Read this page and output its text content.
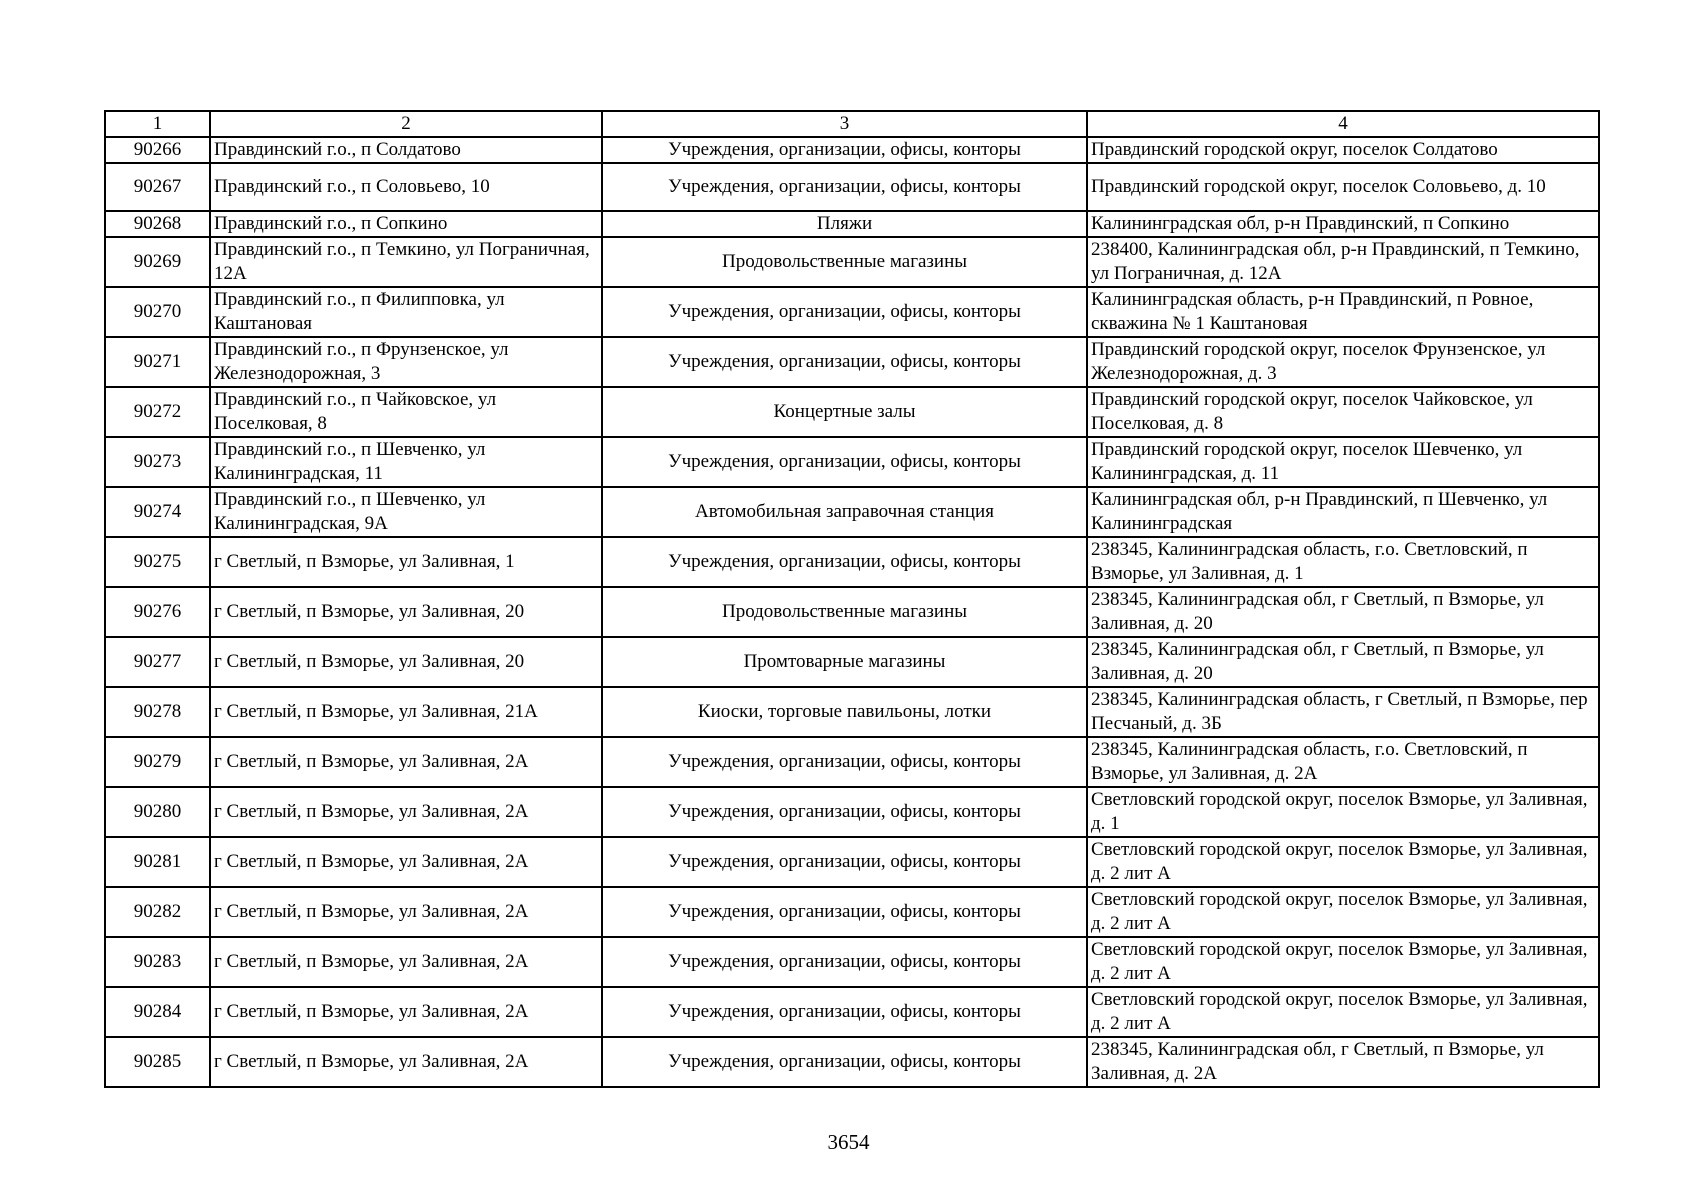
1	2	3	4
90266	Правдинский г.о., п Солдатово	Учреждения, организации, офисы, конторы	Правдинский городской округ, поселок Солдатово
90267	Правдинский г.о., п Соловьево, 10	Учреждения, организации, офисы, конторы	Правдинский городской округ, поселок Соловьево, д. 10
90268	Правдинский г.о., п Сопкино	Пляжи	Калининградская обл, р-н Правдинский, п Сопкино
90269	Правдинский г.о., п Темкино, ул Пограничная, 12А	Продовольственные магазины	238400, Калининградская обл, р-н Правдинский, п Темкино, ул Пограничная, д. 12А
90270	Правдинский г.о., п Филипповка, ул Каштановая	Учреждения, организации, офисы, конторы	Калининградская область, р-н Правдинский, п Ровное, скважина № 1 Каштановая
90271	Правдинский г.о., п Фрунзенское, ул Железнодорожная, 3	Учреждения, организации, офисы, конторы	Правдинский городской округ, поселок Фрунзенское, ул Железнодорожная, д. 3
90272	Правдинский г.о., п Чайковское, ул Поселковая, 8	Концертные залы	Правдинский городской округ, поселок Чайковское, ул Поселковая, д. 8
90273	Правдинский г.о., п Шевченко, ул Калининградская, 11	Учреждения, организации, офисы, конторы	Правдинский городской округ, поселок Шевченко, ул Калининградская, д. 11
90274	Правдинский г.о., п Шевченко, ул Калининградская, 9А	Автомобильная заправочная станция	Калининградская обл, р-н Правдинский, п Шевченко, ул Калининградская
90275	г Светлый, п Взморье, ул Заливная, 1	Учреждения, организации, офисы, конторы	238345, Калининградская область, г.о. Светловский, п Взморье, ул Заливная, д. 1
90276	г Светлый, п Взморье, ул Заливная, 20	Продовольственные магазины	238345, Калининградская обл, г Светлый, п Взморье, ул Заливная, д. 20
90277	г Светлый, п Взморье, ул Заливная, 20	Промтоварные магазины	238345, Калининградская обл, г Светлый, п Взморье, ул Заливная, д. 20
90278	г Светлый, п Взморье, ул Заливная, 21А	Киоски, торговые павильоны, лотки	238345, Калининградская область, г Светлый, п Взморье, пер Песчаный, д. 3Б
90279	г Светлый, п Взморье, ул Заливная, 2А	Учреждения, организации, офисы, конторы	238345, Калининградская область, г.о. Светловский, п Взморье, ул Заливная, д. 2А
90280	г Светлый, п Взморье, ул Заливная, 2А	Учреждения, организации, офисы, конторы	Светловский городской округ, поселок Взморье, ул Заливная, д. 1
90281	г Светлый, п Взморье, ул Заливная, 2А	Учреждения, организации, офисы, конторы	Светловский городской округ, поселок Взморье, ул Заливная, д. 2 лит А
90282	г Светлый, п Взморье, ул Заливная, 2А	Учреждения, организации, офисы, конторы	Светловский городской округ, поселок Взморье, ул Заливная, д. 2 лит А
90283	г Светлый, п Взморье, ул Заливная, 2А	Учреждения, организации, офисы, конторы	Светловский городской округ, поселок Взморье, ул Заливная, д. 2 лит А
90284	г Светлый, п Взморье, ул Заливная, 2А	Учреждения, организации, офисы, конторы	Светловский городской округ, поселок Взморье, ул Заливная, д. 2 лит А
90285	г Светлый, п Взморье, ул Заливная, 2А	Учреждения, организации, офисы, конторы	238345, Калининградская обл, г Светлый, п Взморье, ул Заливная, д. 2А
3654
